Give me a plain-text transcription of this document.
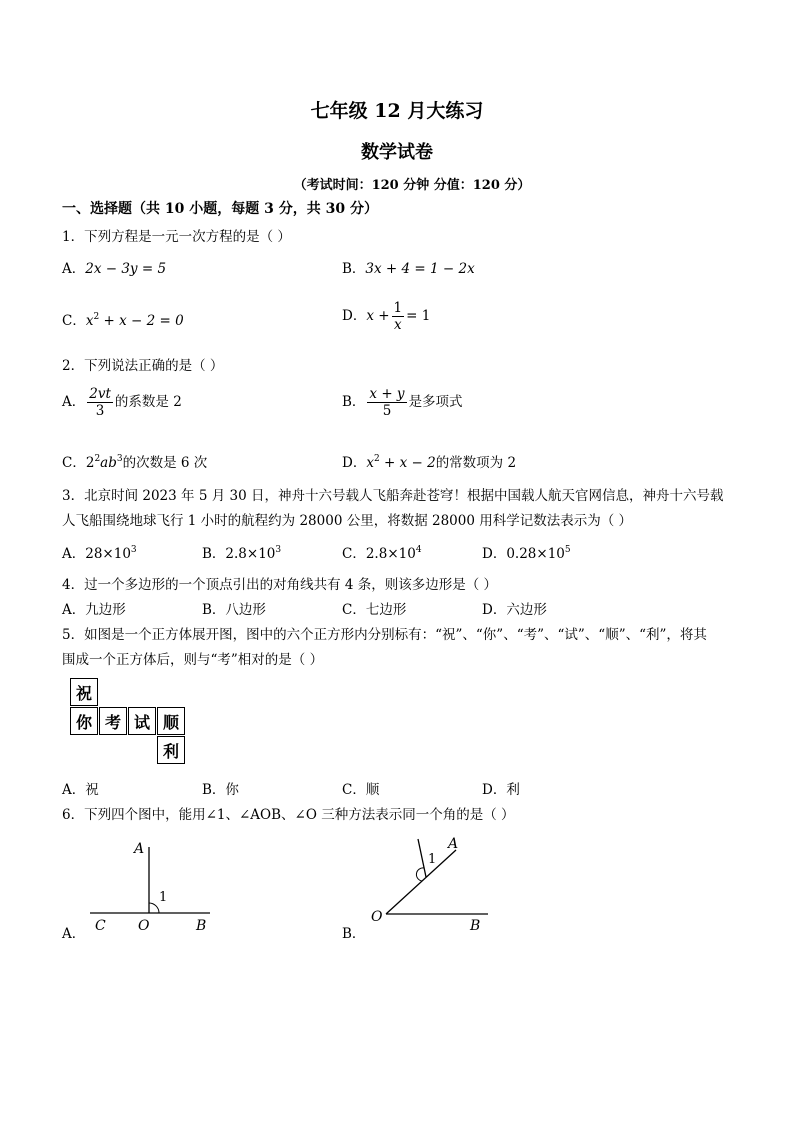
七年级 12 月大练习
数学试卷
（考试时间：120 分钟 分值：120 分）
一、选择题（共 10 小题，每题 3 分，共 30 分）
1．下列方程是一元一次方程的是（ ）
A．2x − 3y = 5	B．3x + 4 = 1 − 2x
C．$x^2 + x - 2 = 0$	D．$x + \frac{1}{x} = 1$
2．下列说法正确的是（ ）
A． $\frac{2vt}{3}$ 的系数是 2	B． $\frac{x + y}{5}$ 是多项式
C．$2^2ab^3$的次数是 6 次	D．$x^2 + x - 2$的常数项为 2
3．北京时间 2023 年 5 月 30 日，神舟十六号载人飞船奔赴苍穹！根据中国载人航天官网信息，神舟十六号载
人飞船围绕地球飞行 1 小时的航程约为 28000 公里，将数据 28000 用科学记数法表示为（ ）
A．$28\times 10^3$	B．$2.8\times 10^3$	C．$2.8\times 10^4$	D．$0.28\times 10^5$
4．过一个多边形的一个顶点引出的对角线共有 4 条，则该多边形是（ ）
A．九边形	B．八边形	C．七边形	D．六边形
5．如图是一个正方体展开图，图中的六个正方形内分别标有：“祝”、“你”、“考”、“试”、“顺”、“利”，将其
围成一个正方体后，则与“考”相对的是（ ）
祝
你 考 试 顺
利
A．祝	B．你	C．顺	D．利
6．下列四个图中，能用∠1、∠AOB、∠O 三种方法表示同一个角的是（ ）
A．
A
1
C O	B	B．
A
1
O
B
